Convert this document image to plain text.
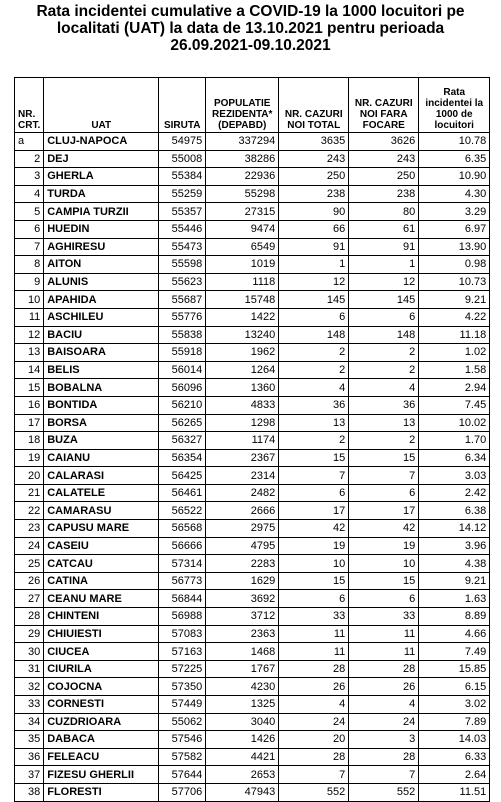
Rata incidentei cumulative a COVID-19 la 1000 locuitori pe
localitati (UAT) la data de 13.10.2021 pentru perioada
26.09.2021-09.10.2021
NR. CRT.	UAT	SIRUTA	POPULATIE REZIDENTA* (DEPABD)	NR. CAZURI NOI TOTAL	NR. CAZURI NOI FARA FOCARE	Rata incidentei la 1000 de locuitori
a	CLUJ-NAPOCA	54975	337294	3635	3626	10.78
2	DEJ	55008	38286	243	243	6.35
3	GHERLA	55384	22936	250	250	10.90
4	TURDA	55259	55298	238	238	4.30
5	CAMPIA TURZII	55357	27315	90	80	3.29
6	HUEDIN	55446	9474	66	61	6.97
7	AGHIRESU	55473	6549	91	91	13.90
8	AITON	55598	1019	1	1	0.98
9	ALUNIS	55623	1118	12	12	10.73
10	APAHIDA	55687	15748	145	145	9.21
11	ASCHILEU	55776	1422	6	6	4.22
12	BACIU	55838	13240	148	148	11.18
13	BAISOARA	55918	1962	2	2	1.02
14	BELIS	56014	1264	2	2	1.58
15	BOBALNA	56096	1360	4	4	2.94
16	BONTIDA	56210	4833	36	36	7.45
17	BORSA	56265	1298	13	13	10.02
18	BUZA	56327	1174	2	2	1.70
19	CAIANU	56354	2367	15	15	6.34
20	CALARASI	56425	2314	7	7	3.03
21	CALATELE	56461	2482	6	6	2.42
22	CAMARASU	56522	2666	17	17	6.38
23	CAPUSU MARE	56568	2975	42	42	14.12
24	CASEIU	56666	4795	19	19	3.96
25	CATCAU	57314	2283	10	10	4.38
26	CATINA	56773	1629	15	15	9.21
27	CEANU MARE	56844	3692	6	6	1.63
28	CHINTENI	56988	3712	33	33	8.89
29	CHIUIESTI	57083	2363	11	11	4.66
30	CIUCEA	57163	1468	11	11	7.49
31	CIURILA	57225	1767	28	28	15.85
32	COJOCNA	57350	4230	26	26	6.15
33	CORNESTI	57449	1325	4	4	3.02
34	CUZDRIOARA	55062	3040	24	24	7.89
35	DABACA	57546	1426	20	3	14.03
36	FELEACU	57582	4421	28	28	6.33
37	FIZESU GHERLII	57644	2653	7	7	2.64
38	FLORESTI	57706	47943	552	552	11.51
